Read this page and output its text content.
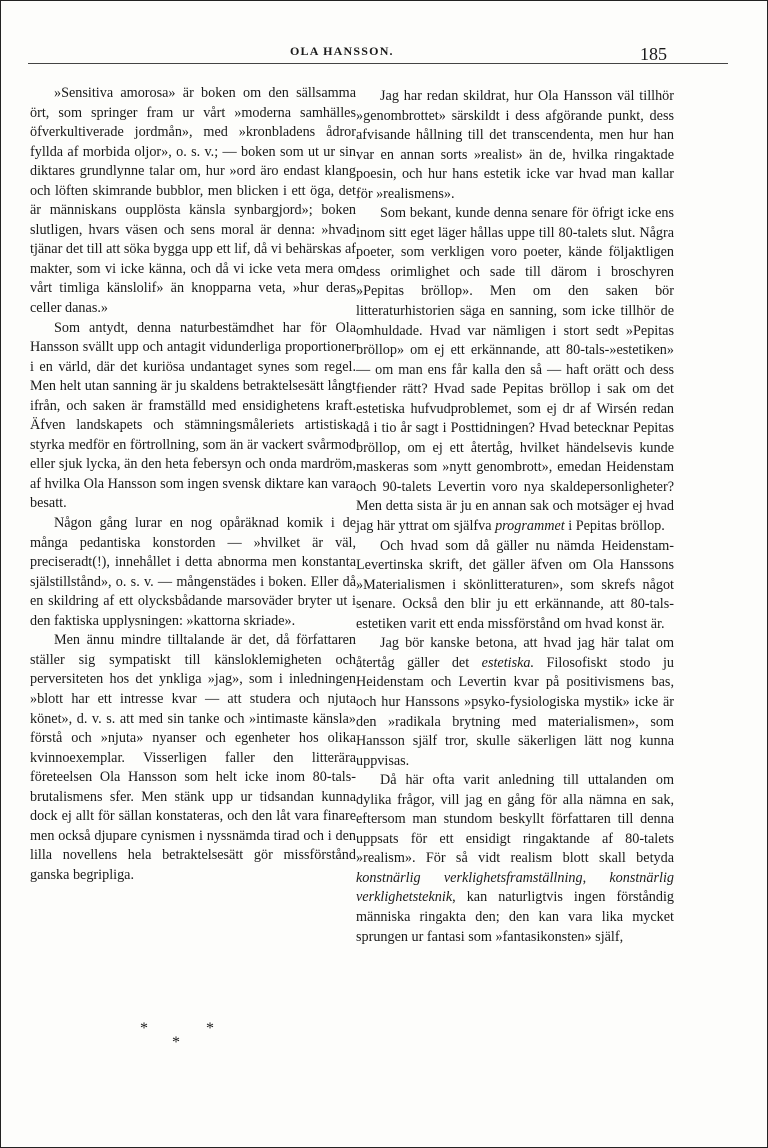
OLA HANSSON.	185

»Sensitiva amorosa» är boken om den sällsamma ört, som springer fram ur vårt »moderna samhälles öfverkultiverade jordmån», med »kronbladens ådror fyllda af morbida oljor», o. s. v.; — boken som ut ur sin diktares grundlynne talar om, hur »ord äro endast klang och löften skimrande bubblor, men blicken i ett öga, det är människans oupplösta känsla synbargjord»; boken slutligen, hvars väsen och sens moral är denna: »hvad tjänar det till att söka bygga upp ett lif, då vi behärskas af makter, som vi icke känna, och då vi icke veta mera om vårt timliga känslolif» än knopparna veta, »hur deras celler danas.»

Som antydt, denna naturbestämdhet har för Ola Hansson svällt upp och antagit vidunderliga proportioner i en värld, där det kuriösa undantaget synes som regel. Men helt utan sanning är ju skaldens betraktelsesätt långt ifrån, och saken är framställd med ensidighetens kraft. Äfven landskapets och stämningsmåleriets artistiska styrka medför en förtrollning, som än är vackert svårmod eller sjuk lycka, än den heta febersyn och onda mardröm, af hvilka Ola Hansson som ingen svensk diktare kan vara besatt.

Någon gång lurar en nog opåräknad komik i de många pedantiska konstorden — »hvilket är väl, preciseradt(!), innehållet i detta abnorma men konstanta själstillstånd», o. s. v. — mångenstädes i boken. Eller då en skildring af ett olycksbådande marsoväder bryter ut i den faktiska upplysningen: »kattorna skriade».

Men ännu mindre tilltalande är det, då författaren ställer sig sympatiskt till känsloklemigheten och perversiteten hos det ynkliga »jag», som i inledningen »blott har ett intresse kvar — att studera och njuta könet», d. v. s. att med sin tanke och »intimaste känsla» förstå och »njuta» nyanser och egenheter hos olika kvinnoexemplar. Visserligen faller den litterära företeelsen Ola Hansson som helt icke inom 80-tals-brutalismens sfer. Men stänk upp ur tidsandan kunna dock ej allt för sällan konstateras, och den låt vara finare men också djupare cynismen i nyssnämda tirad och i den lilla novellens hela betraktelsesätt gör missförstånd ganska begripliga.

*
*
*

Jag har redan skildrat, hur Ola Hansson väl tillhör »genombrottet» särskildt i dess afgörande punkt, dess afvisande hållning till det transcendenta, men hur han var en annan sorts »realist» än de, hvilka ringaktade poesin, och hur hans estetik icke var hvad man kallar för »realismens».

Som bekant, kunde denna senare för öfrigt icke ens inom sitt eget läger hållas uppe till 80-talets slut. Några poeter, som verkligen voro poeter, kände följaktligen dess orimlighet och sade till därom i broschyren »Pepitas bröllop». Men om den saken bör litteraturhistorien säga en sanning, som icke tillhör de omhuldade. Hvad var nämligen i stort sedt »Pepitas bröllop» om ej ett erkännande, att 80-tals-»estetiken» — om man ens får kalla den så — haft orätt och dess fiender rätt? Hvad sade Pepitas bröllop i sak om det estetiska hufvudproblemet, som ej dr af Wirsén redan då i tio år sagt i Posttidningen? Hvad betecknar Pepitas bröllop, om ej ett återtåg, hvilket händelsevis kunde maskeras som »nytt genombrott», emedan Heidenstam och 90-talets Levertin voro nya skaldepersonligheter? Men detta sista är ju en annan sak och motsäger ej hvad jag här yttrat om själfva programmet i Pepitas bröllop.

Och hvad som då gäller nu nämda Heidenstam-Levertinska skrift, det gäller äfven om Ola Hanssons »Materialismen i skönlitteraturen», som skrefs något senare. Också den blir ju ett erkännande, att 80-tals-estetiken varit ett enda missförstånd om hvad konst är.

Jag bör kanske betona, att hvad jag här talat om återtåg gäller det estetiska. Filosofiskt stodo ju Heidenstam och Levertin kvar på positivismens bas, och hur Hanssons »psyko-fysiologiska mystik» icke är den »radikala brytning med materialismen», som Hansson själf tror, skulle säkerligen lätt nog kunna uppvisas.

Då här ofta varit anledning till uttalanden om dylika frågor, vill jag en gång för alla nämna en sak, eftersom man stundom beskyllt författaren till denna uppsats för ett ensidigt ringaktande af 80-talets »realism». För så vidt realism blott skall betyda konstnärlig verklighetsframställning, konstnärlig verklighetsteknik, kan naturligtvis ingen förståndig människa ringakta den; den kan vara lika mycket sprungen ur fantasi som »fantasikonsten» själf,
